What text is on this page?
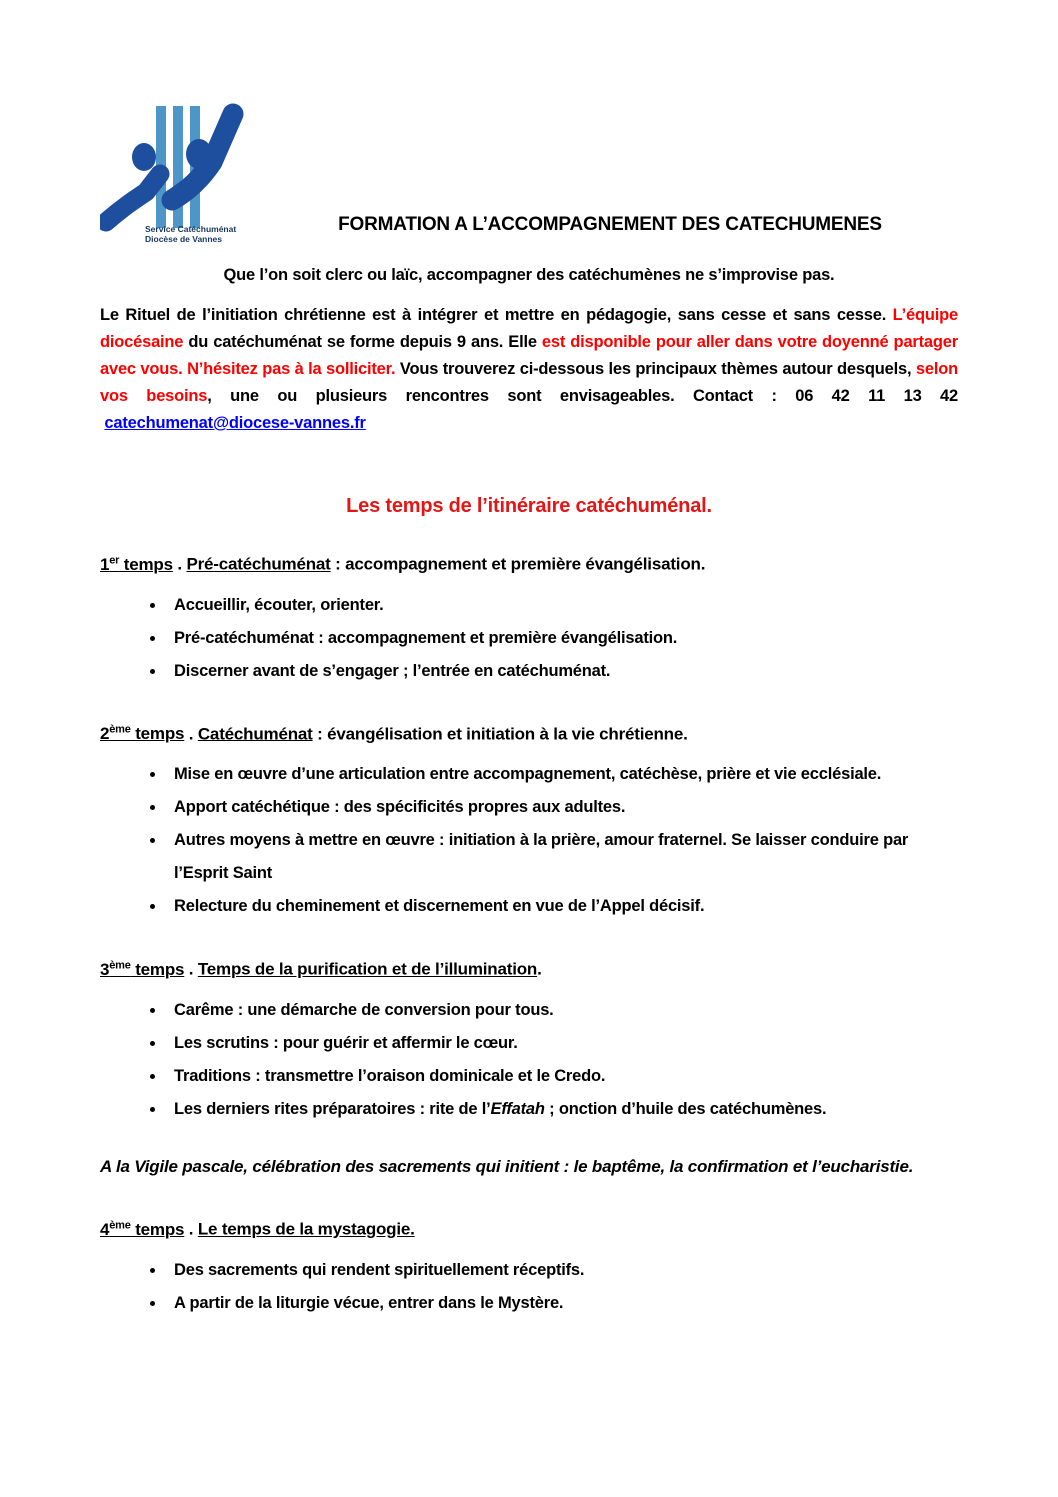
Service Catéchuménat
Diocèse de Vannes
FORMATION A L’ACCOMPAGNEMENT DES CATECHUMENES

Que l’on soit clerc ou laïc, accompagner des catéchumènes ne s’improvise pas.

Le Rituel de l’initiation chrétienne est à intégrer et mettre en pédagogie, sans cesse et sans cesse. L’équipe diocésaine du catéchuménat se forme depuis 9 ans. Elle est disponible pour aller dans votre doyenné partager avec vous. N’hésitez pas à la solliciter. Vous trouverez ci-dessous les principaux thèmes autour desquels, selon vos besoins, une ou plusieurs rencontres sont envisageables. Contact : 06 42 11 13 42  catechumenat@diocese-vannes.fr

Les temps de l’itinéraire catéchuménal.
1er temps . Pré-catéchuménat : accompagnement et première évangélisation.
• Accueillir, écouter, orienter.
• Pré-catéchuménat : accompagnement et première évangélisation.
• Discerner avant de s’engager ; l’entrée en catéchuménat.
2ème temps . Catéchuménat : évangélisation et initiation à la vie chrétienne.
• Mise en œuvre d’une articulation entre accompagnement, catéchèse, prière et vie ecclésiale.
• Apport catéchétique : des spécificités propres aux adultes.
• Autres moyens à mettre en œuvre : initiation à la prière, amour fraternel. Se laisser conduire par l’Esprit Saint
• Relecture du cheminement et discernement en vue de l’Appel décisif.
3ème temps . Temps de la purification et de l’illumination.
• Carême : une démarche de conversion pour tous.
• Les scrutins : pour guérir et affermir le cœur.
• Traditions : transmettre l’oraison dominicale et le Credo.
• Les derniers rites préparatoires : rite de l’Effatah ; onction d’huile des catéchumènes.

A la Vigile pascale, célébration des sacrements qui initient : le baptême, la confirmation et l’eucharistie.

4ème temps . Le temps de la mystagogie.
• Des sacrements qui rendent spirituellement réceptifs.
• A partir de la liturgie vécue, entrer dans le Mystère.
